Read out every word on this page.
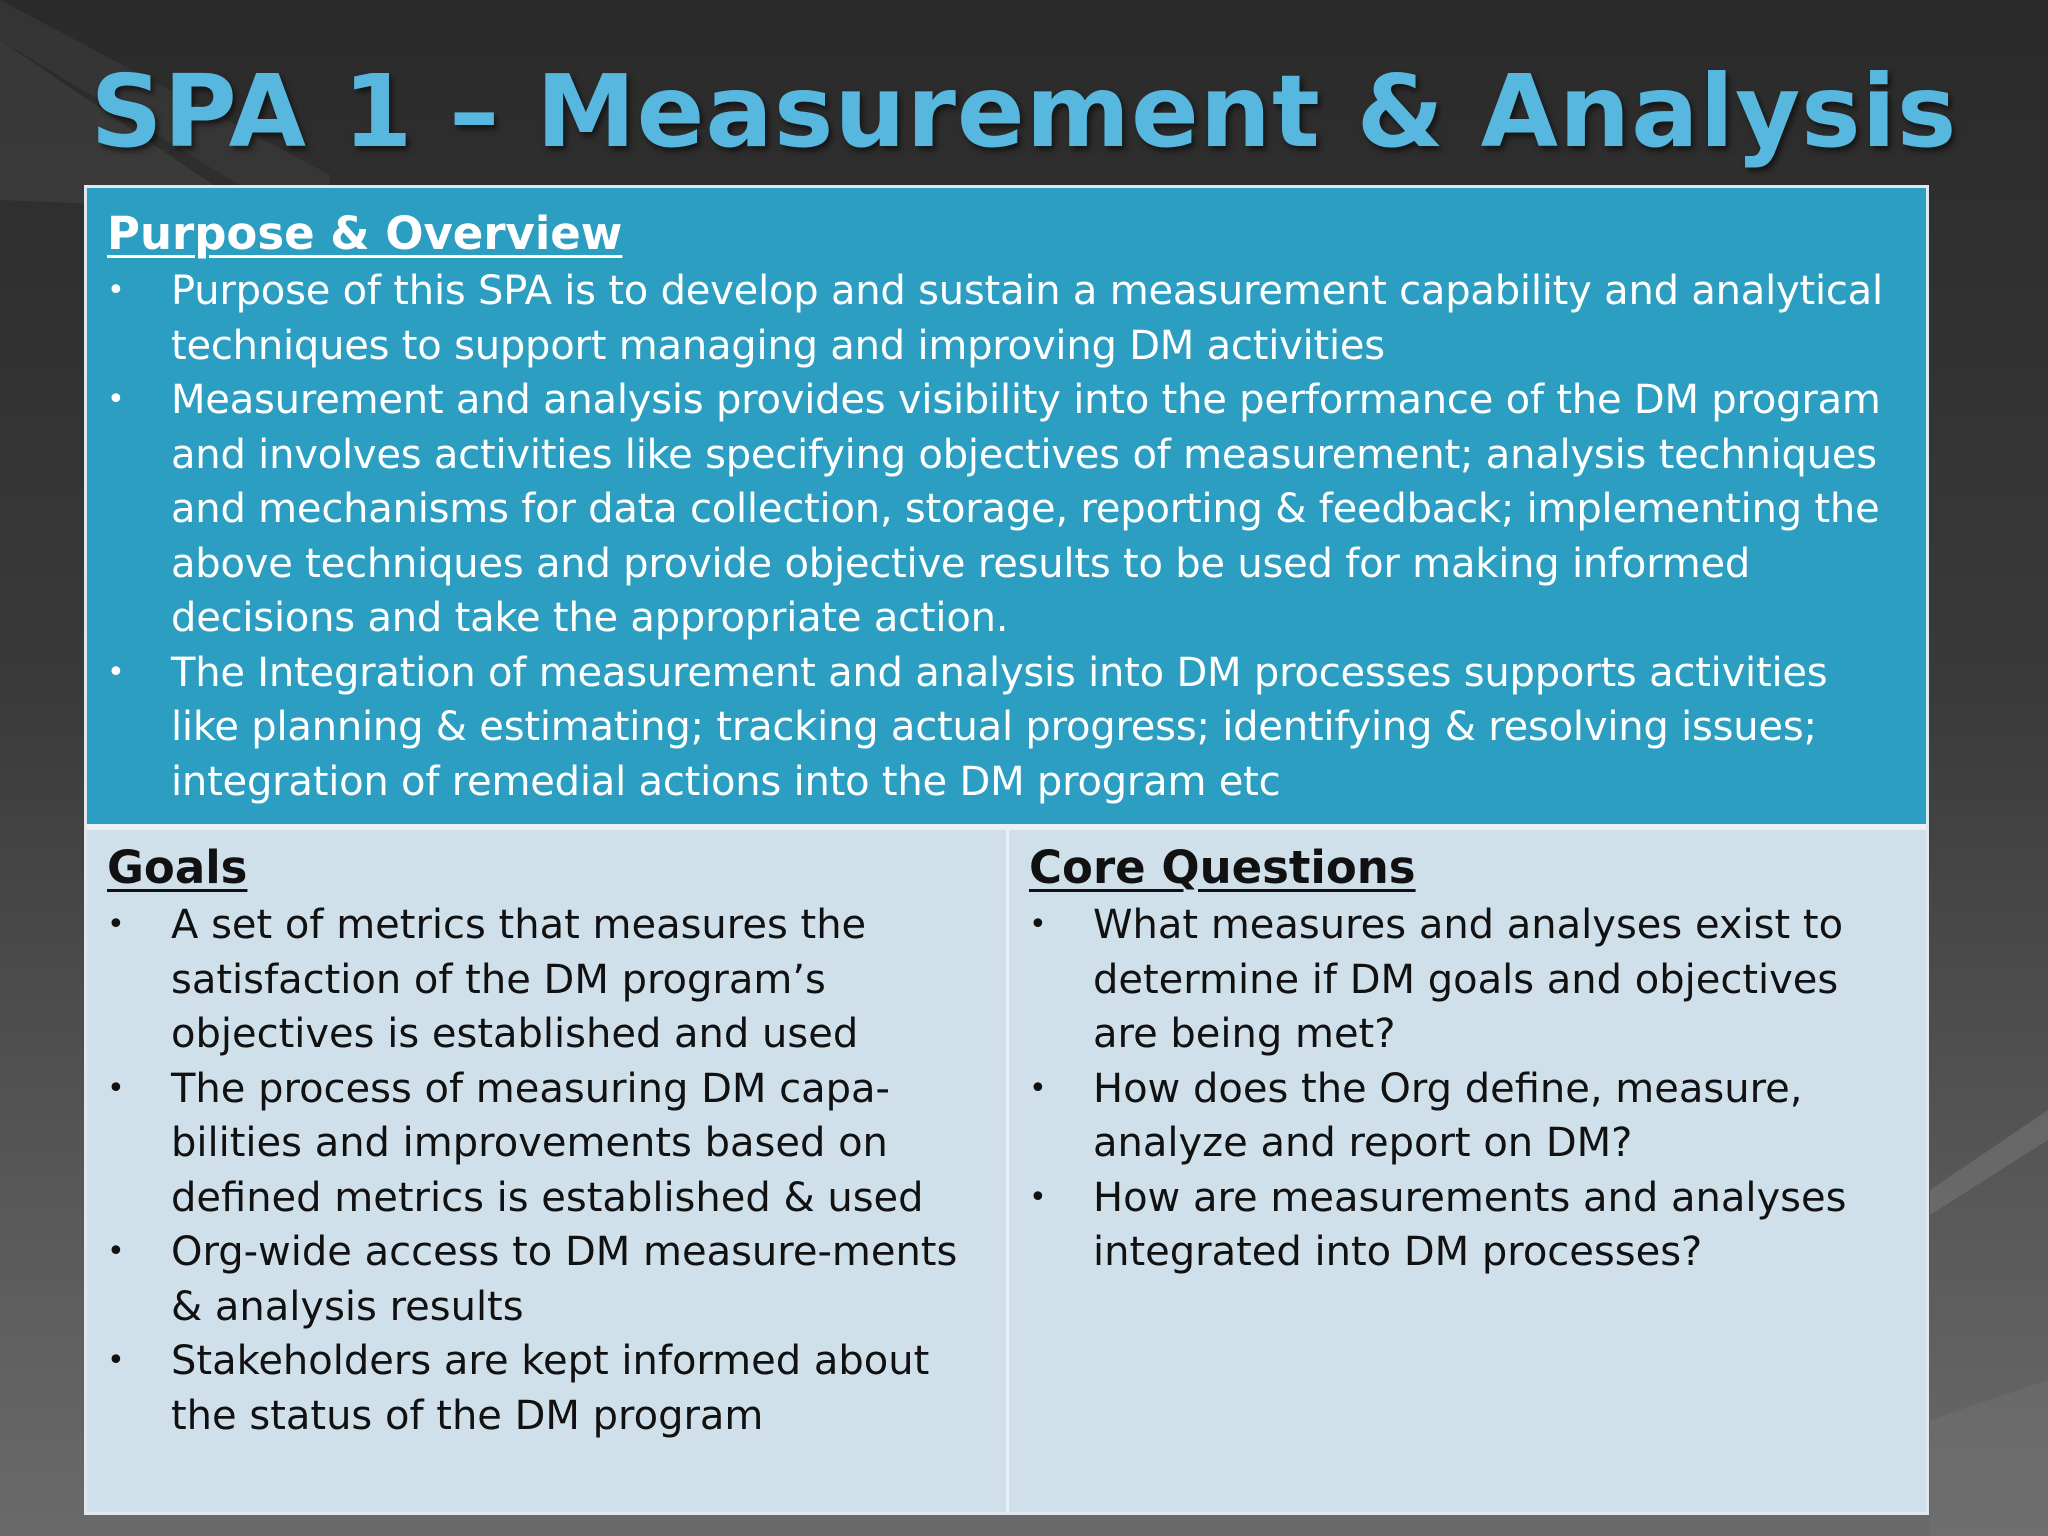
SPA 1 – Measurement & Analysis
Purpose & Overview
•	Purpose of this SPA is to develop and sustain a measurement capability and analytical techniques to support managing and improving DM activities
•	Measurement and analysis provides visibility into the performance of the DM program and involves activities like specifying objectives of measurement; analysis techniques and mechanisms for data collection, storage, reporting & feedback; implementing the above techniques and provide objective results to be used for making informed decisions and take the appropriate action.
•	The Integration of measurement and analysis into DM processes supports activities like planning & estimating; tracking actual progress; identifying & resolving issues; integration of remedial actions into the DM program etc
Goals
•	A set of metrics that measures the satisfaction of the DM program’s objectives is established and used
•	The process of measuring DM capa-bilities and improvements based on defined metrics is established & used
•	Org-wide access to DM measure-ments & analysis results
•	Stakeholders are kept informed about the status of the DM program
Core Questions
•	What measures and analyses exist to determine if DM goals and objectives are being met?
•	How does the Org define, measure, analyze and report on DM?
•	How are measurements and analyses integrated into DM processes?
